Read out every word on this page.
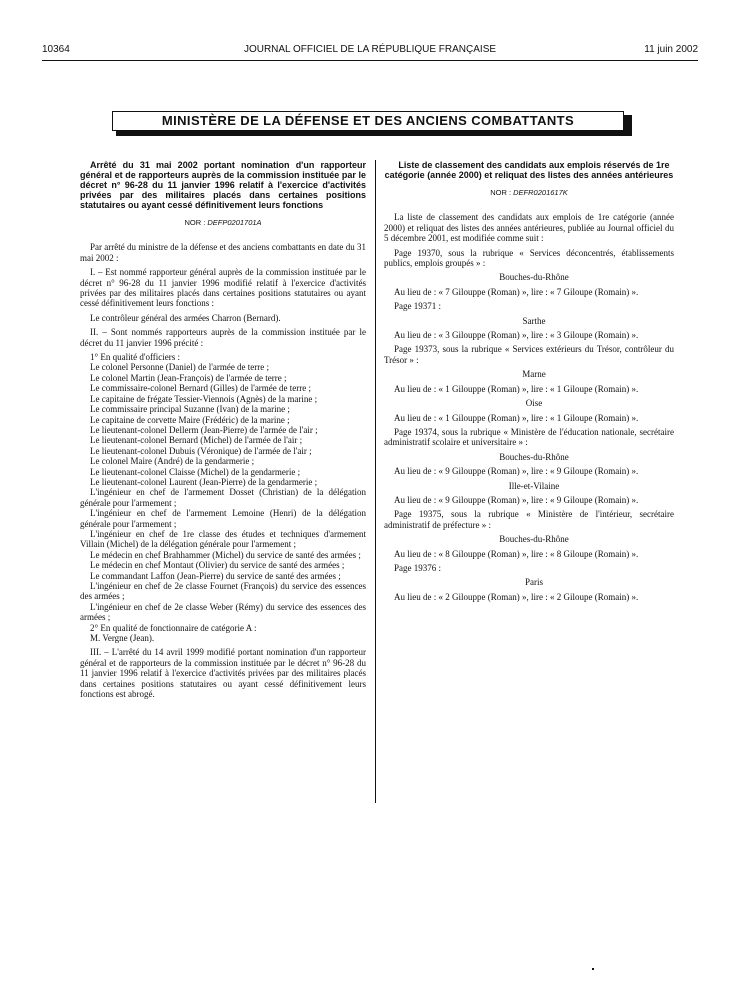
10364	JOURNAL OFFICIEL DE LA RÉPUBLIQUE FRANÇAISE	11 juin 2002
MINISTÈRE DE LA DÉFENSE ET DES ANCIENS COMBATTANTS

Arrêté du 31 mai 2002 portant nomination d'un rapporteur général et de rapporteurs auprès de la commission instituée par le décret n° 96-28 du 11 janvier 1996 relatif à l'exercice d'activités privées par des militaires placés dans certaines positions statutaires ou ayant cessé définitivement leurs fonctions

NOR : DEFP0201701A

Par arrêté du ministre de la défense et des anciens combattants en date du 31 mai 2002 :

I. – Est nommé rapporteur général auprès de la commission instituée par le décret n° 96-28 du 11 janvier 1996 modifié relatif à l'exercice d'activités privées par des militaires placés dans certaines positions statutaires ou ayant cessé définitivement leurs fonctions :

Le contrôleur général des armées Charron (Bernard).

II. – Sont nommés rapporteurs auprès de la commission instituée par le décret du 11 janvier 1996 précité :

1° En qualité d'officiers :

Le colonel Personne (Daniel) de l'armée de terre ;

Le colonel Martin (Jean-François) de l'armée de terre ;

Le commissaire-colonel Bernard (Gilles) de l'armée de terre ;

Le capitaine de frégate Tessier-Viennois (Agnès) de la marine ;

Le commissaire principal Suzanne (Ivan) de la marine ;

Le capitaine de corvette Maire (Frédéric) de la marine ;

Le lieutenant-colonel Dellerm (Jean-Pierre) de l'armée de l'air ;

Le lieutenant-colonel Bernard (Michel) de l'armée de l'air ;

Le lieutenant-colonel Dubuis (Véronique) de l'armée de l'air ;

Le colonel Maire (André) de la gendarmerie ;

Le lieutenant-colonel Claisse (Michel) de la gendarmerie ;

Le lieutenant-colonel Laurent (Jean-Pierre) de la gendarmerie ;

L'ingénieur en chef de l'armement Dosset (Christian) de la délégation générale pour l'armement ;

L'ingénieur en chef de l'armement Lemoine (Henri) de la délégation générale pour l'armement ;

L'ingénieur en chef de 1re classe des études et techniques d'armement Villain (Michel) de la délégation générale pour l'armement ;

Le médecin en chef Brahhammer (Michel) du service de santé des armées ;

Le médecin en chef Montaut (Olivier) du service de santé des armées ;

Le commandant Laffon (Jean-Pierre) du service de santé des armées ;

L'ingénieur en chef de 2e classe Fournet (François) du service des essences des armées ;

L'ingénieur en chef de 2e classe Weber (Rémy) du service des essences des armées ;

2° En qualité de fonctionnaire de catégorie A :

M. Vergne (Jean).

III. – L'arrêté du 14 avril 1999 modifié portant nomination d'un rapporteur général et de rapporteurs de la commission instituée par le décret n° 96-28 du 11 janvier 1996 relatif à l'exercice d'activités privées par des militaires placés dans certaines positions statutaires ou ayant cessé définitivement leurs fonctions est abrogé.

Liste de classement des candidats aux emplois réservés de 1re catégorie (année 2000) et reliquat des listes des années antérieures

NOR : DEFR0201617K

La liste de classement des candidats aux emplois de 1re catégorie (année 2000) et reliquat des listes des années antérieures, publiée au Journal officiel du 5 décembre 2001, est modifiée comme suit :

Page 19370, sous la rubrique « Services déconcentrés, établissements publics, emplois groupés » :

Bouches-du-Rhône

Au lieu de : « 7 Gilouppe (Roman) », lire : « 7 Giloupe (Romain) ».

Page 19371 :

Sarthe

Au lieu de : « 3 Gilouppe (Roman) », lire : « 3 Giloupe (Romain) ».

Page 19373, sous la rubrique « Services extérieurs du Trésor, contrôleur du Trésor » :

Marne

Au lieu de : « 1 Gilouppe (Roman) », lire : « 1 Giloupe (Romain) ».

Oise

Au lieu de : « 1 Gilouppe (Roman) », lire : « 1 Giloupe (Romain) ».

Page 19374, sous la rubrique « Ministère de l'éducation nationale, secrétaire administratif scolaire et universitaire » :

Bouches-du-Rhône

Au lieu de : « 9 Gilouppe (Roman) », lire : « 9 Giloupe (Romain) ».

Ille-et-Vilaine

Au lieu de : « 9 Gilouppe (Roman) », lire : « 9 Giloupe (Romain) ».

Page 19375, sous la rubrique « Ministère de l'intérieur, secrétaire administratif de préfecture » :

Bouches-du-Rhône

Au lieu de : « 8 Gilouppe (Roman) », lire : « 8 Giloupe (Romain) ».

Page 19376 :

Paris

Au lieu de : « 2 Gilouppe (Roman) », lire : « 2 Giloupe (Romain) ».
